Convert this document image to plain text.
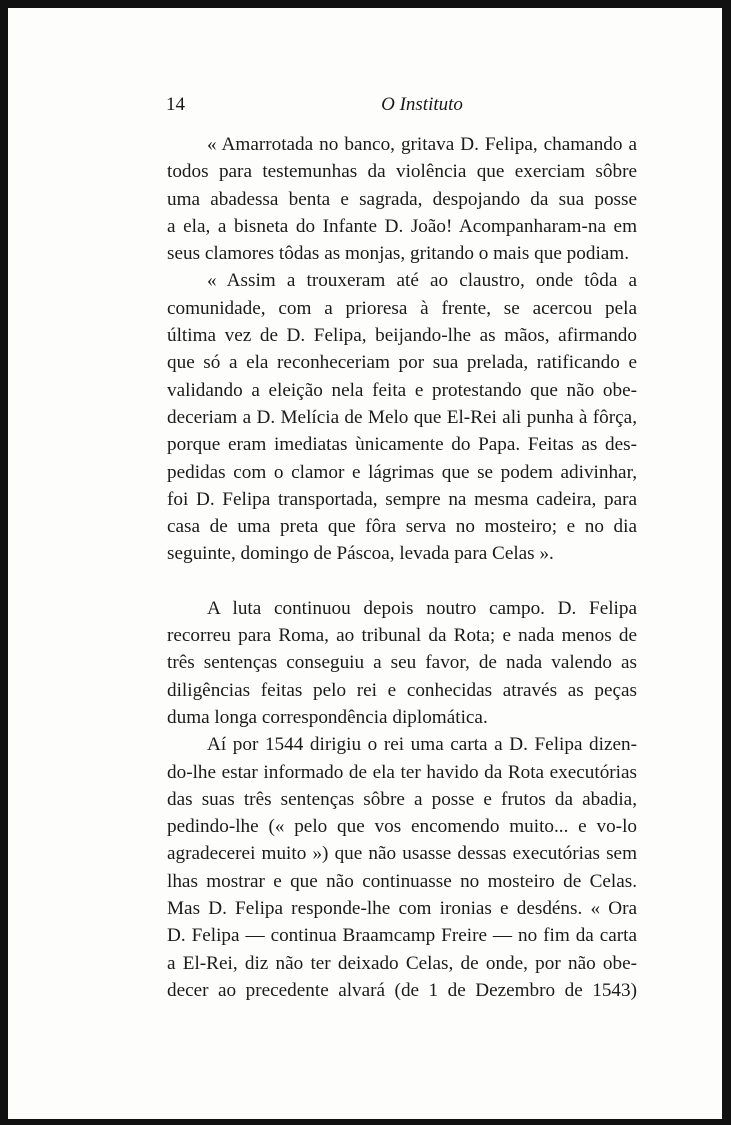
14	O Instituto

« Amarrotada no banco, gritava D. Felipa, chamando a
todos para testemunhas da violência que exerciam sôbre
uma abadessa benta e sagrada, despojando da sua posse
a ela, a bisneta do Infante D. João! Acompanharam-na em
seus clamores tôdas as monjas, gritando o mais que podiam.

« Assim a trouxeram até ao claustro, onde tôda a
comunidade, com a prioresa à frente, se acercou pela
última vez de D. Felipa, beijando-lhe as mãos, afirmando
que só a ela reconheceriam por sua prelada, ratificando e
validando a eleição nela feita e protestando que não obe-
deceriam a D. Melícia de Melo que El-Rei ali punha à fôrça,
porque eram imediatas ùnicamente do Papa. Feitas as des-
pedidas com o clamor e lágrimas que se podem adivinhar,
foi D. Felipa transportada, sempre na mesma cadeira, para
casa de uma preta que fôra serva no mosteiro; e no dia
seguinte, domingo de Páscoa, levada para Celas ».

A luta continuou depois noutro campo. D. Felipa
recorreu para Roma, ao tribunal da Rota; e nada menos de
três sentenças conseguiu a seu favor, de nada valendo as
diligências feitas pelo rei e conhecidas através as peças
duma longa correspondência diplomática.

Aí por 1544 dirigiu o rei uma carta a D. Felipa dizen-
do-lhe estar informado de ela ter havido da Rota executórias
das suas três sentenças sôbre a posse e frutos da abadia,
pedindo-lhe (« pelo que vos encomendo muito... e vo-lo
agradecerei muito ») que não usasse dessas executórias sem
lhas mostrar e que não continuasse no mosteiro de Celas.
Mas D. Felipa responde-lhe com ironias e desdéns. « Ora
D. Felipa — continua Braamcamp Freire — no fim da carta
a El-Rei, diz não ter deixado Celas, de onde, por não obe-
decer ao precedente alvará (de 1 de Dezembro de 1543)
